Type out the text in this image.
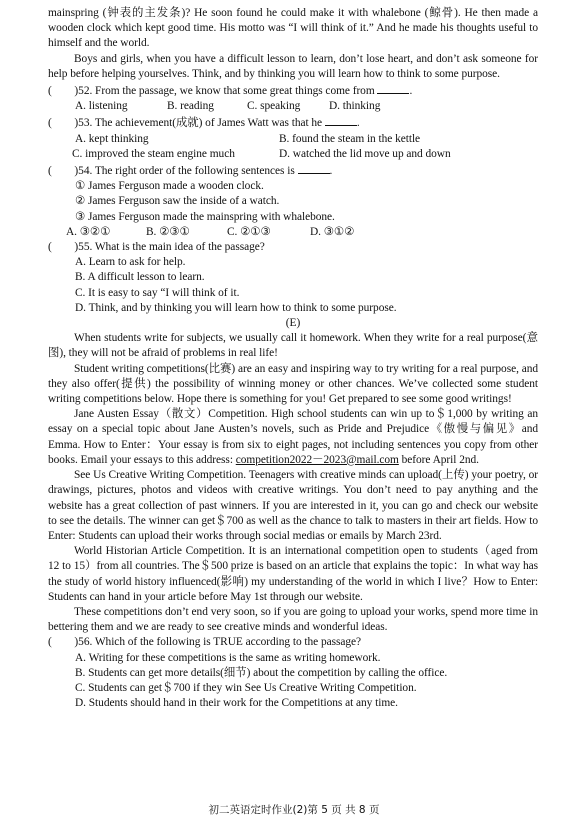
mainspring (钟表的主发条)? He soon found he could make it with whalebone (鲸骨). He then made a wooden clock which kept good time. His motto was “I will think of it.” And he made his thoughts useful to himself and the world.

Boys and girls, when you have a difficult lesson to learn, don’t lose heart, and don’t ask someone for help before helping yourselves. Think, and by thinking you will learn how to think to some purpose.

(　　)52. From the passage, we know that some great things come from	.

A. listening	B. reading	C. speaking	D. thinking

(　　)53. The achievement(成就) of James Watt was that he	.

A. kept thinking	B. found the steam in the kettle

C. improved the steam engine much	D. watched the lid move up and down

(　　)54. The right order of the following sentences is	.

① James Ferguson made a wooden clock.

② James Ferguson saw the inside of a watch.

③ James Ferguson made the mainspring with whalebone.

A. ③②①	B. ②③①	C. ②①③	D. ③①②

(　　)55. What is the main idea of the passage?

A. Learn to ask for help.

B. A difficult lesson to learn.

C. It is easy to say “I will think of it.

D. Think, and by thinking you will learn how to think to some purpose.

(E)

When students write for subjects, we usually call it homework. When they write for a real purpose(意图), they will not be afraid of problems in real life!

Student writing competitions(比赛) are an easy and inspiring way to try writing for a real purpose, and they also offer(提供) the possibility of winning money or other chances. We’ve collected some student writing competitions below. Hope there is something for you! Get prepared to see some good writings!

Jane Austen Essay（散文）Competition. High school students can win up to＄1,000 by writing an essay on a special topic about Jane Austen’s novels, such as Pride and Prejudice《傲慢与偏见》and Emma. How to Enter：Your essay is from six to eight pages, not including sentences you copy from other books. Email your essays to this address: competition2022－2023@mail.com before April 2nd.

See Us Creative Writing Competition. Teenagers with creative minds can upload(上传) your poetry, or drawings, pictures, photos and videos with creative writings. You don’t need to pay anything and the website has a great collection of past winners. If you are interested in it, you can go and check our website to see the details. The winner can get＄700 as well as the chance to talk to masters in their art fields. How to Enter: Students can upload their works through social medias or emails by March 23rd.

World Historian Article Competition. It is an international competition open to students（aged from 12 to 15）from all countries. The＄500 prize is based on an article that explains the topic：In what way has the study of world history influenced(影响) my understanding of the world in which I live？How to Enter: Students can hand in your article before May 1st through our website.

These competitions don’t end very soon, so if you are going to upload your works, spend more time in bettering them and we are ready to see creative minds and wonderful ideas.

(　　)56. Which of the following is TRUE according to the passage?

A. Writing for these competitions is the same as writing homework.

B. Students can get more details(细节) about the competition by calling the office.

C. Students can get＄700 if they win See Us Creative Writing Competition.

D. Students should hand in their work for the Competitions at any time.

初二英语定时作业(2)第 5 页 共 8 页
